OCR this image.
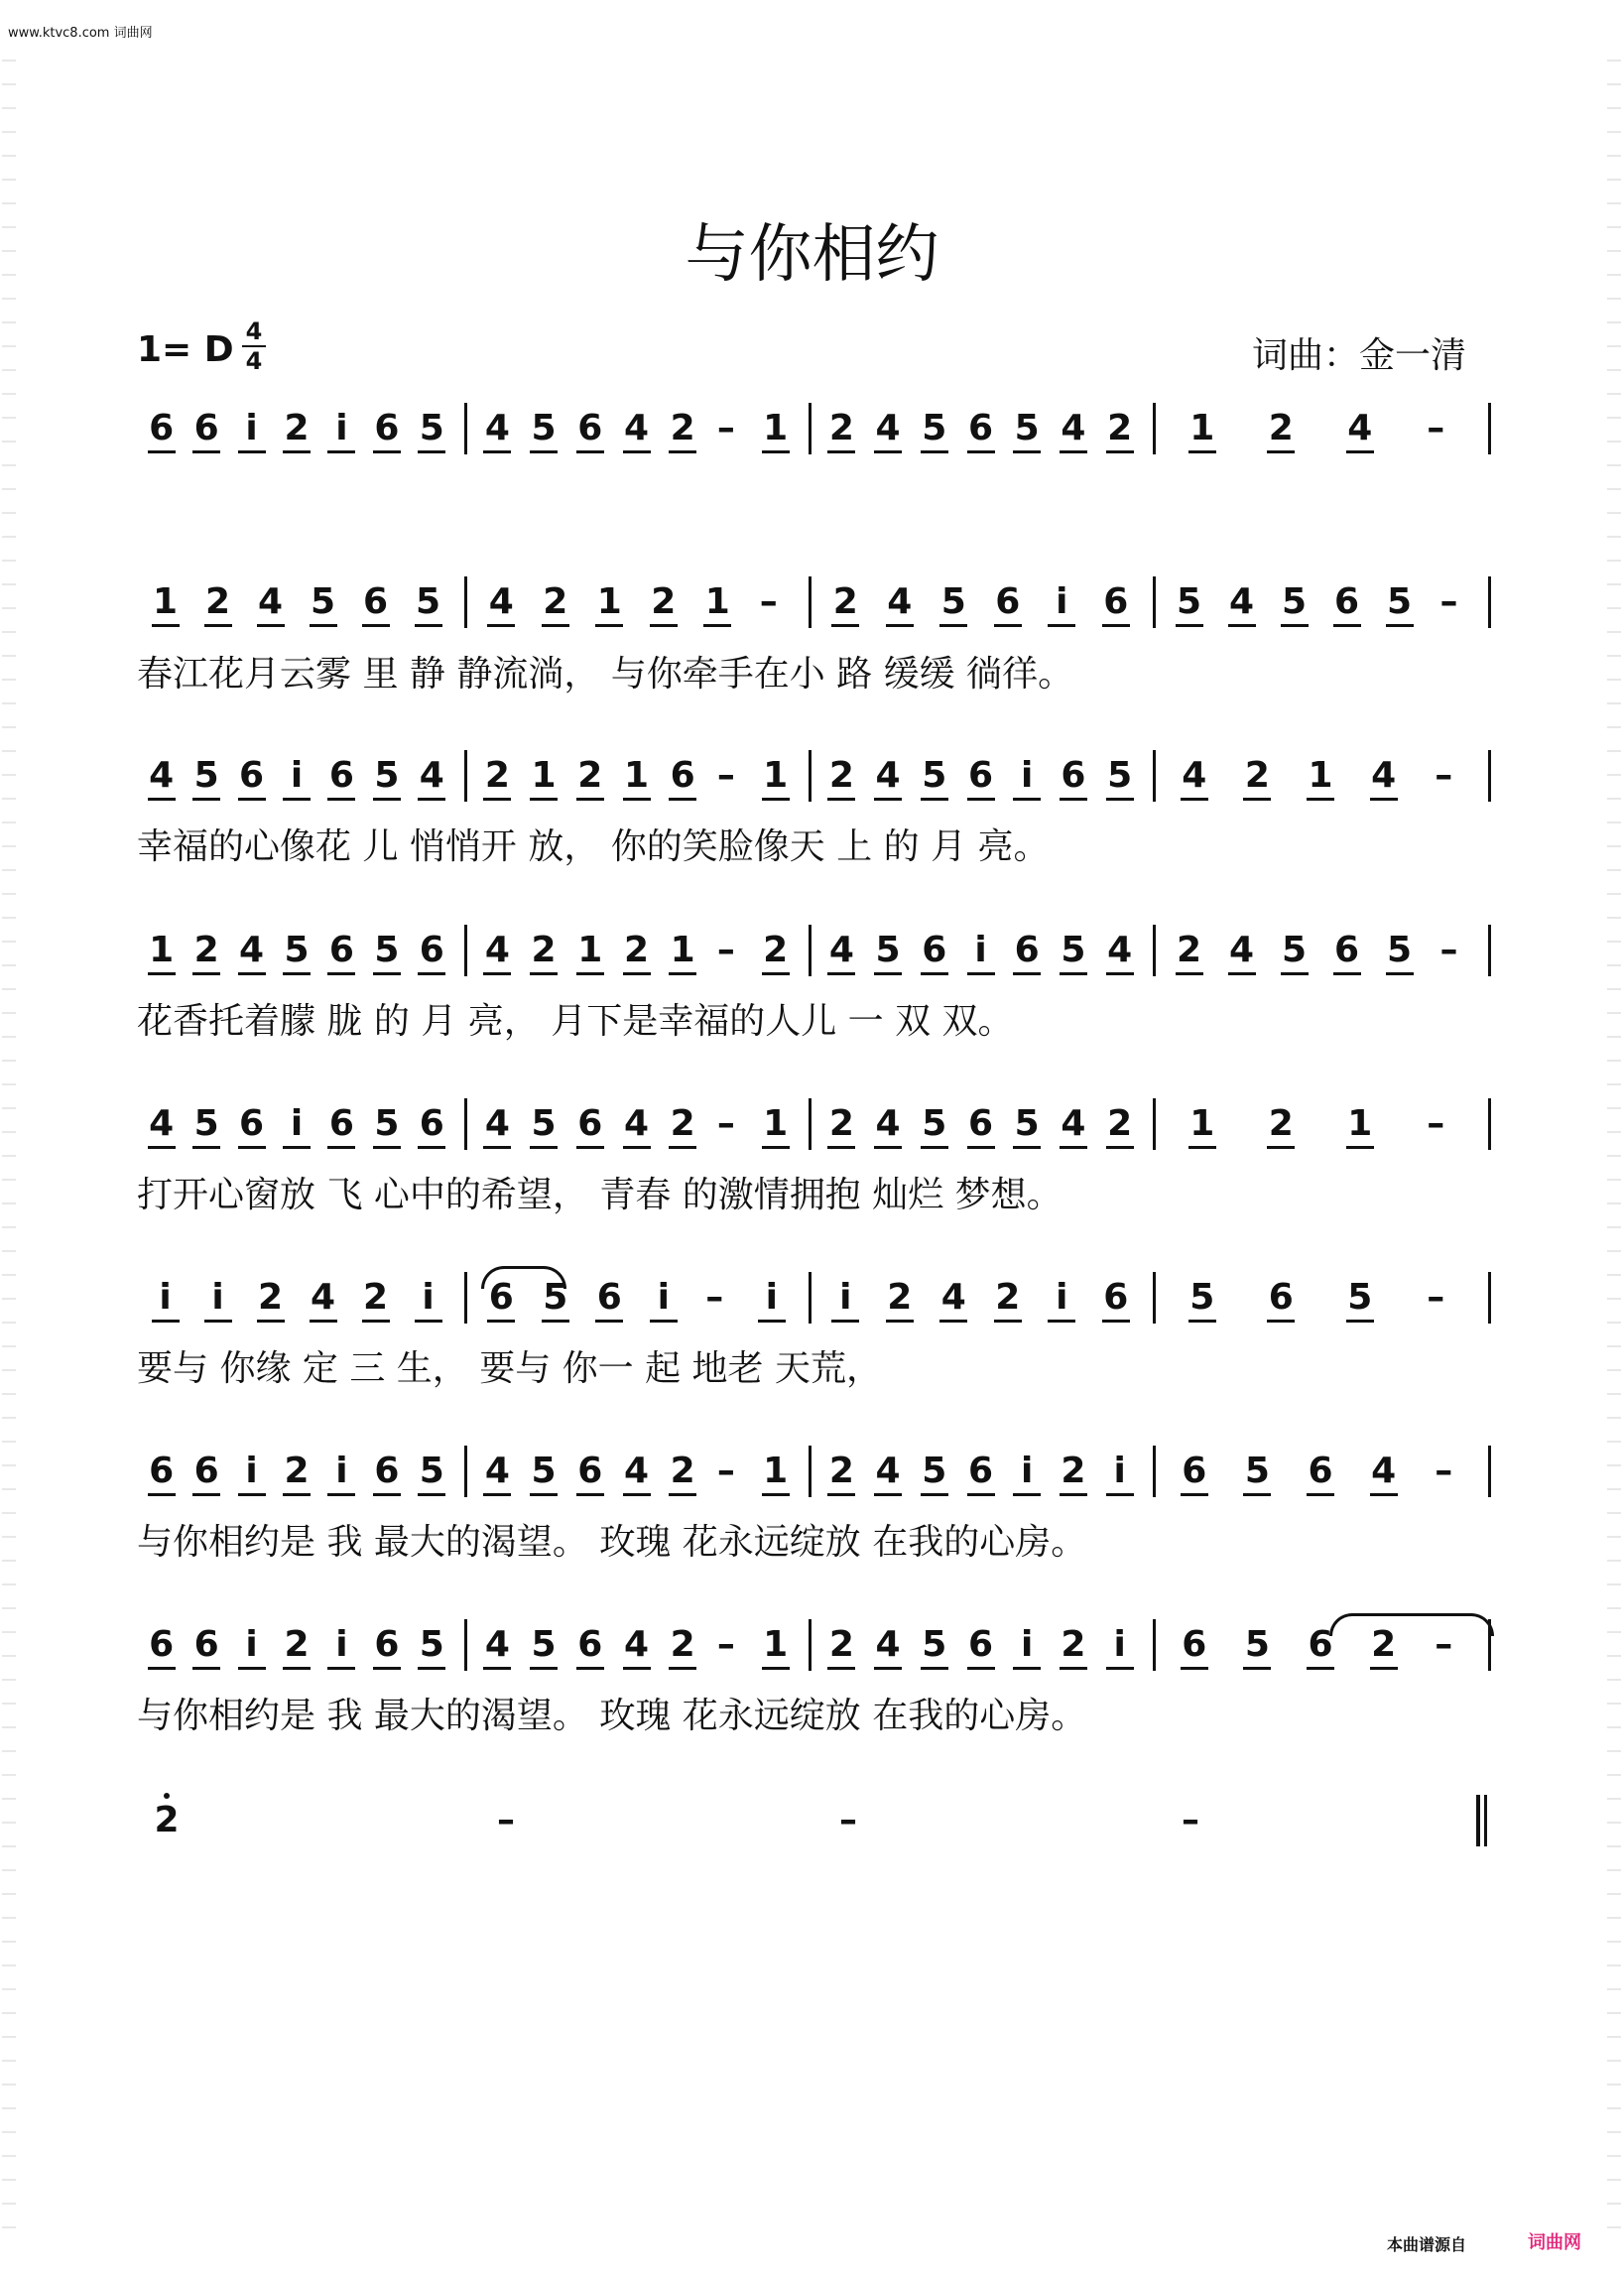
www.ktvc8.com 词曲网
与你相约
1= D 4
4	词曲：金一清
6 6 i 2 i 6 5 4 5 6 4 2 – 1 2 4 5 6 5 4 2 1 2 4 –
1 2 4 5 6 5 4 2 1 2 1 – 2 4 5 6 i 6 5 4 5 6 5 –
4 5 6 i 6 5 4 2 1 2 1 6 – 1 2 4 5 6 i 6 5 4 2 1 4 –
1 2 4 5 6 5 6 4 2 1 2 1 – 2 4 5 6 i 6 5 4 2 4 5 6 5 –
4 5 6 i 6 5 6 4 5 6 4 2 – 1 2 4 5 6 5 4 2 1 2 1 –
i	i 2 4 2 i	6 5 6 i	–	i	i 2 4 2 i 6 5 6 5 –
6 6 i 2 i 6 5 4 5 6 4 2 – 1 2 4 5 6 i 2 i	6 5 6 4 –
6 6 i 2 i 6 5 4 5 6 4 2 – 1 2 4 5 6 i 2 i	6 5 6 2 –
2	–	–	–
春江花月云雾 里 静 静流淌， 与你牵手在小 路 缓缓 徜徉。
幸福的心像花 儿 悄悄开 放， 你的笑脸像天 上 的 月 亮。
花香托着朦 胧 的 月 亮， 月下是幸福的人儿 一 双 双。
打开心窗放 飞 心中的希望， 青春 的激情拥抱 灿烂 梦想。
要与 你缘 定 三 生， 要与 你一 起 地老 天荒，
与你相约是 我 最大的渴望。 玫瑰 花永远绽放 在我的心房。
与你相约是 我 最大的渴望。 玫瑰 花永远绽放 在我的心房。
本曲谱源自	词曲网
